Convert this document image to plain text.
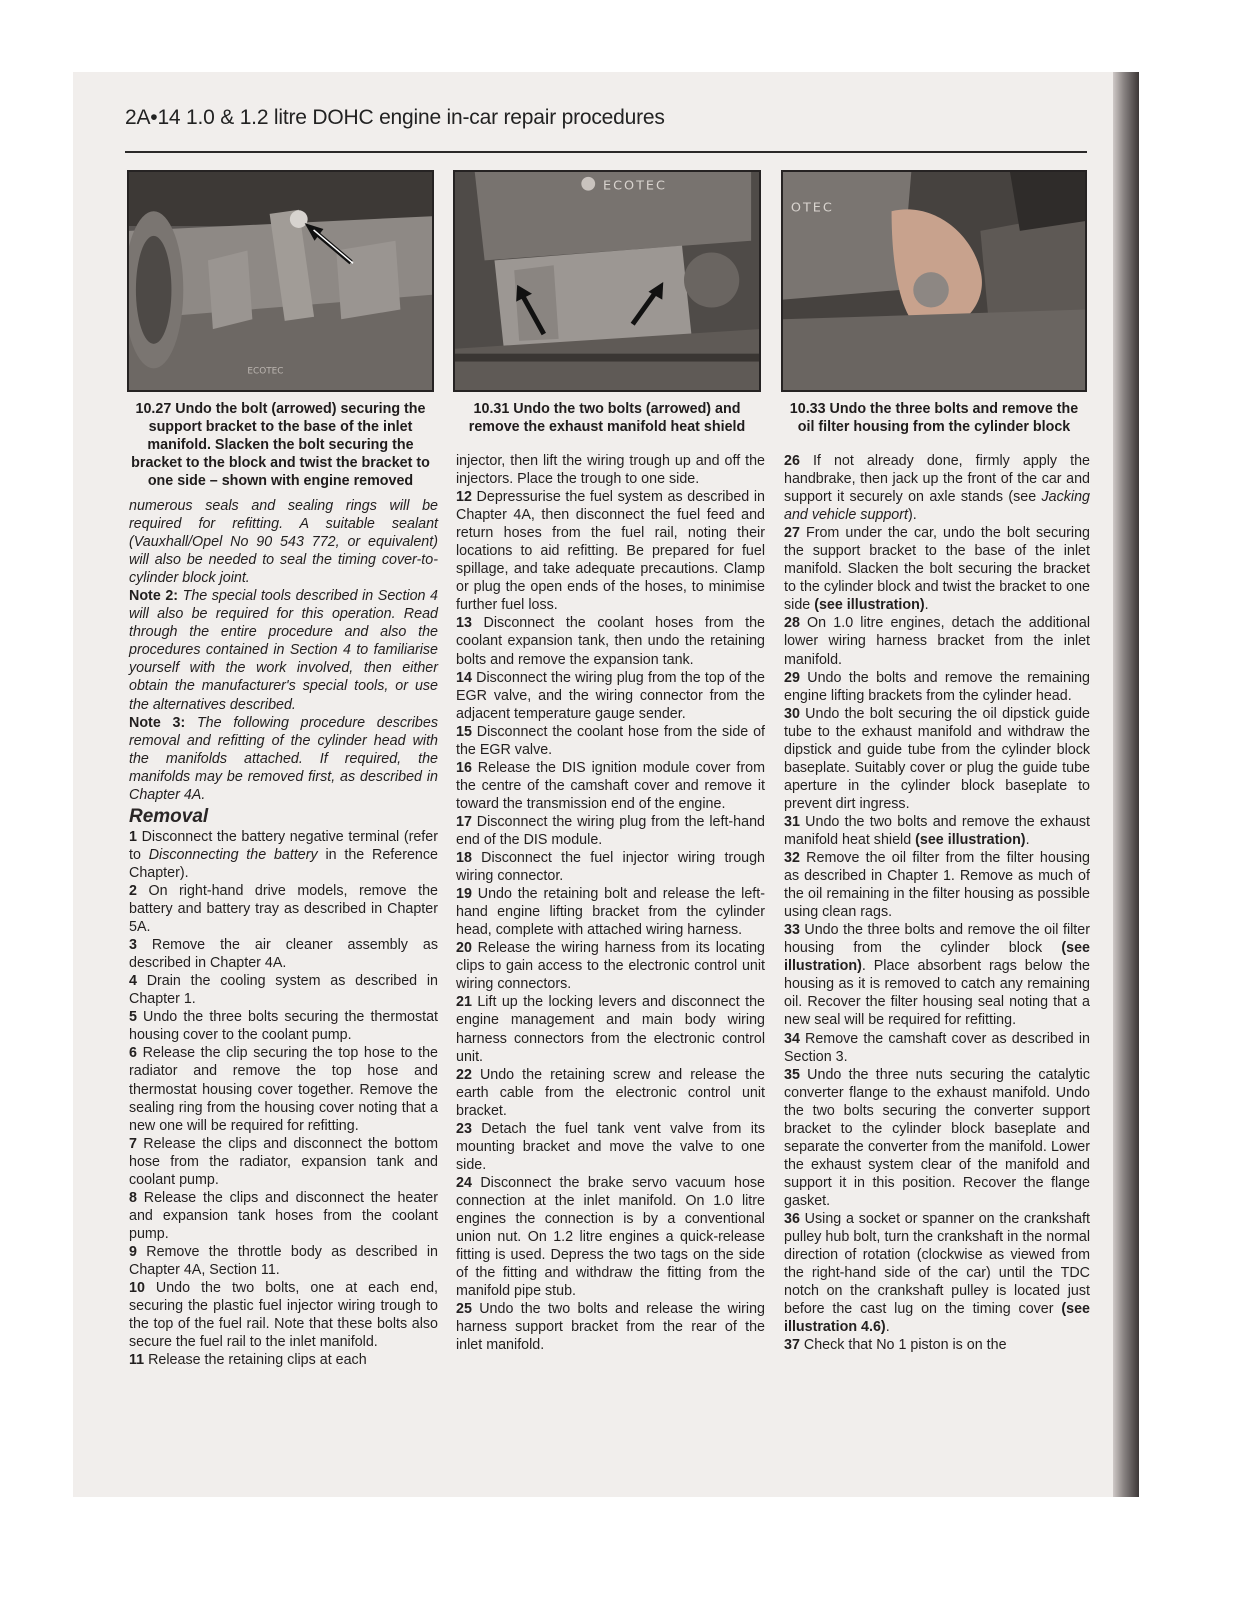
2A•14 1.0 & 1.2 litre DOHC engine in-car repair procedures
ECOTEC
ECOTEC
OTEC
10.27 Undo the bolt (arrowed) securing the support bracket to the base of the inlet manifold. Slacken the bolt securing the bracket to the block and twist the bracket to one side – shown with engine removed
10.31 Undo the two bolts (arrowed) and remove the exhaust manifold heat shield
10.33 Undo the three bolts and remove the oil filter housing from the cylinder block

numerous seals and sealing rings will be required for refitting. A suitable sealant (Vauxhall/Opel No 90 543 772, or equivalent) will also be needed to seal the timing cover-to-cylinder block joint.

Note 2: The special tools described in Section 4 will also be required for this operation. Read through the entire procedure and also the procedures contained in Section 4 to familiarise yourself with the work involved, then either obtain the manufacturer's special tools, or use the alternatives described.

Note 3: The following procedure describes removal and refitting of the cylinder head with the manifolds attached. If required, the manifolds may be removed first, as described in Chapter 4A.

Removal

1 Disconnect the battery negative terminal (refer to Disconnecting the battery in the Reference Chapter).

2 On right-hand drive models, remove the battery and battery tray as described in Chapter 5A.

3 Remove the air cleaner assembly as described in Chapter 4A.

4 Drain the cooling system as described in Chapter 1.

5 Undo the three bolts securing the thermostat housing cover to the coolant pump.

6 Release the clip securing the top hose to the radiator and remove the top hose and thermostat housing cover together. Remove the sealing ring from the housing cover noting that a new one will be required for refitting.

7 Release the clips and disconnect the bottom hose from the radiator, expansion tank and coolant pump.

8 Release the clips and disconnect the heater and expansion tank hoses from the coolant pump.

9 Remove the throttle body as described in Chapter 4A, Section 11.

10 Undo the two bolts, one at each end, securing the plastic fuel injector wiring trough to the top of the fuel rail. Note that these bolts also secure the fuel rail to the inlet manifold.

11 Release the retaining clips at each

injector, then lift the wiring trough up and off the injectors. Place the trough to one side.

12 Depressurise the fuel system as described in Chapter 4A, then disconnect the fuel feed and return hoses from the fuel rail, noting their locations to aid refitting. Be prepared for fuel spillage, and take adequate precautions. Clamp or plug the open ends of the hoses, to minimise further fuel loss.

13 Disconnect the coolant hoses from the coolant expansion tank, then undo the retaining bolts and remove the expansion tank.

14 Disconnect the wiring plug from the top of the EGR valve, and the wiring connector from the adjacent temperature gauge sender.

15 Disconnect the coolant hose from the side of the EGR valve.

16 Release the DIS ignition module cover from the centre of the camshaft cover and remove it toward the transmission end of the engine.

17 Disconnect the wiring plug from the left-hand end of the DIS module.

18 Disconnect the fuel injector wiring trough wiring connector.

19 Undo the retaining bolt and release the left-hand engine lifting bracket from the cylinder head, complete with attached wiring harness.

20 Release the wiring harness from its locating clips to gain access to the electronic control unit wiring connectors.

21 Lift up the locking levers and disconnect the engine management and main body wiring harness connectors from the electronic control unit.

22 Undo the retaining screw and release the earth cable from the electronic control unit bracket.

23 Detach the fuel tank vent valve from its mounting bracket and move the valve to one side.

24 Disconnect the brake servo vacuum hose connection at the inlet manifold. On 1.0 litre engines the connection is by a conventional union nut. On 1.2 litre engines a quick-release fitting is used. Depress the two tags on the side of the fitting and withdraw the fitting from the manifold pipe stub.

25 Undo the two bolts and release the wiring harness support bracket from the rear of the inlet manifold.

26 If not already done, firmly apply the handbrake, then jack up the front of the car and support it securely on axle stands (see Jacking and vehicle support).

27 From under the car, undo the bolt securing the support bracket to the base of the inlet manifold. Slacken the bolt securing the bracket to the cylinder block and twist the bracket to one side (see illustration).

28 On 1.0 litre engines, detach the additional lower wiring harness bracket from the inlet manifold.

29 Undo the bolts and remove the remaining engine lifting brackets from the cylinder head.

30 Undo the bolt securing the oil dipstick guide tube to the exhaust manifold and withdraw the dipstick and guide tube from the cylinder block baseplate. Suitably cover or plug the guide tube aperture in the cylinder block baseplate to prevent dirt ingress.

31 Undo the two bolts and remove the exhaust manifold heat shield (see illustration).

32 Remove the oil filter from the filter housing as described in Chapter 1. Remove as much of the oil remaining in the filter housing as possible using clean rags.

33 Undo the three bolts and remove the oil filter housing from the cylinder block (see illustration). Place absorbent rags below the housing as it is removed to catch any remaining oil. Recover the filter housing seal noting that a new seal will be required for refitting.

34 Remove the camshaft cover as described in Section 3.

35 Undo the three nuts securing the catalytic converter flange to the exhaust manifold. Undo the two bolts securing the converter support bracket to the cylinder block baseplate and separate the converter from the manifold. Lower the exhaust system clear of the manifold and support it in this position. Recover the flange gasket.

36 Using a socket or spanner on the crankshaft pulley hub bolt, turn the crankshaft in the normal direction of rotation (clockwise as viewed from the right-hand side of the car) until the TDC notch on the crankshaft pulley is located just before the cast lug on the timing cover (see illustration 4.6).

37 Check that No 1 piston is on the
